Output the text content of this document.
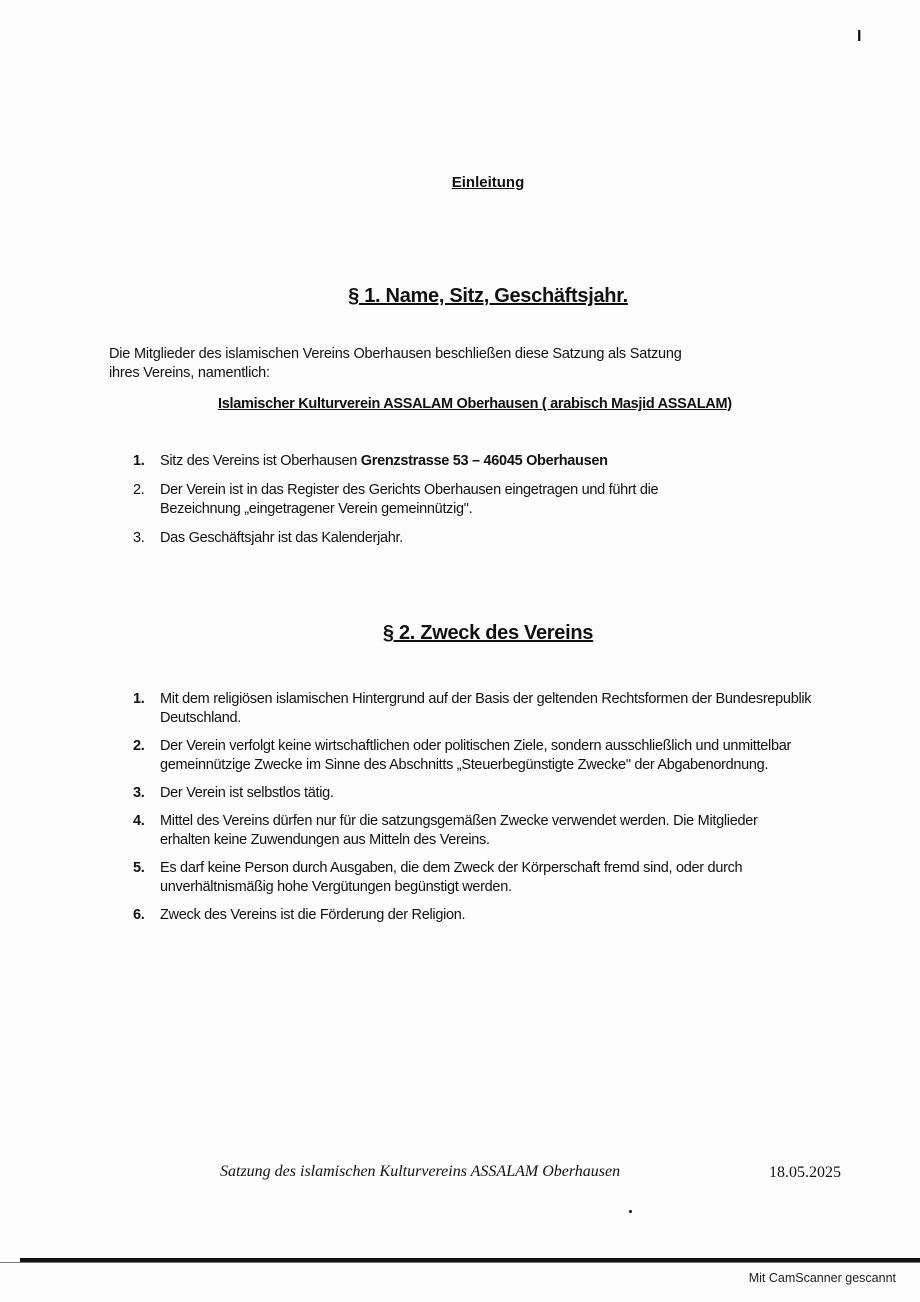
I
Einleitung
§ 1. Name, Sitz, Geschäftsjahr.
Die Mitglieder des islamischen Vereins Oberhausen beschließen diese Satzung als Satzung
ihres Vereins, namentlich:
Islamischer Kulturverein ASSALAM Oberhausen ( arabisch Masjid ASSALAM)
1.	Sitz des Vereins ist Oberhausen Grenzstrasse 53 – 46045 Oberhausen
2.	Der Verein ist in das Register des Gerichts Oberhausen eingetragen und führt die
Bezeichnung „eingetragener Verein gemeinnützig".
3.	Das Geschäftsjahr ist das Kalenderjahr.
§ 2. Zweck des Vereins
1.	Mit dem religiösen islamischen Hintergrund auf der Basis der geltenden Rechtsformen der Bundesrepublik
Deutschland.
2.	Der Verein verfolgt keine wirtschaftlichen oder politischen Ziele, sondern ausschließlich und unmittelbar
gemeinnützige Zwecke im Sinne des Abschnitts „Steuerbegünstigte Zwecke" der Abgabenordnung.
3.	Der Verein ist selbstlos tätig.
4.	Mittel des Vereins dürfen nur für die satzungsgemäßen Zwecke verwendet werden. Die Mitglieder
erhalten keine Zuwendungen aus Mitteln des Vereins.
5.	Es darf keine Person durch Ausgaben, die dem Zweck der Körperschaft fremd sind, oder durch
unverhältnismäßig hohe Vergütungen begünstigt werden.
6.	Zweck des Vereins ist die Förderung der Religion.
Satzung des islamischen Kulturvereins ASSALAM Oberhausen	18.05.2025
Mit CamScanner gescannt
